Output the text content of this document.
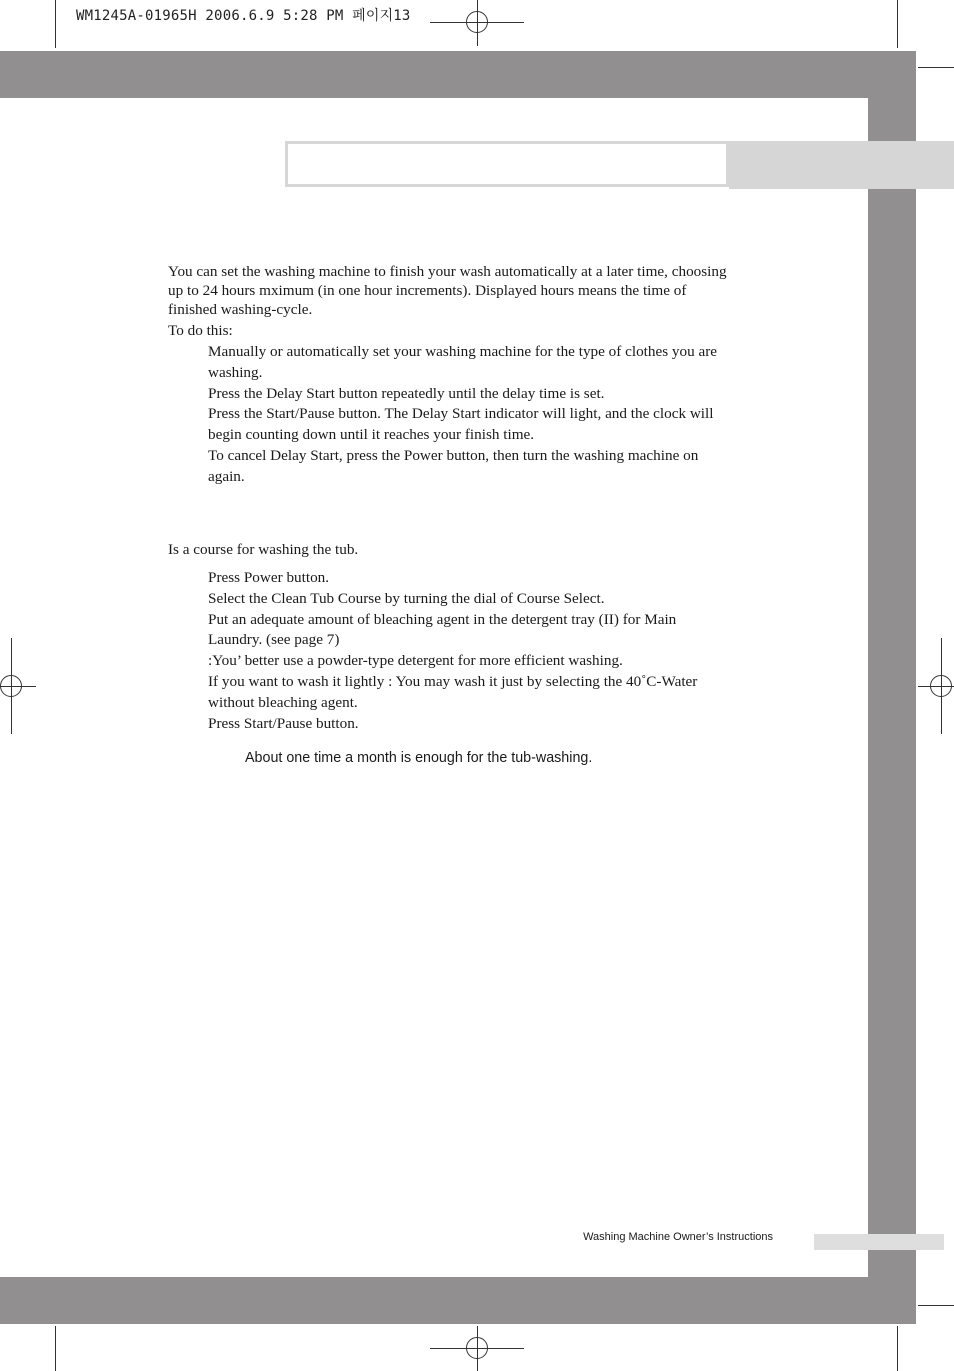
WM1245A-01965H 2006.6.9 5:28 PM 페이지13
You can set the washing machine to finish your wash automatically at a later time, choosing
up to 24 hours mximum (in one hour increments). Displayed hours means the time of
finished washing-cycle.
To do this:
Manually or automatically set your washing machine for the type of clothes you are
washing.
Press the Delay Start button repeatedly until the delay time is set.
Press the Start/Pause button. The Delay Start indicator will light, and the clock will
begin counting down until it reaches your finish time.
To cancel Delay Start, press the Power button, then turn the washing machine on
again.
Is a course for washing the tub.
Press Power button.
Select the Clean Tub Course by turning the dial of Course Select.
Put an adequate amount of bleaching agent in the detergent tray (II) for Main
Laundry. (see page 7)
:You’ better use a powder-type detergent for more efficient washing.
If you want to wash it lightly : You may wash it just by selecting the 40˚C-Water
without bleaching agent.
Press Start/Pause button.
About one time a month is enough for the tub-washing.
Washing Machine Owner’s Instructions
